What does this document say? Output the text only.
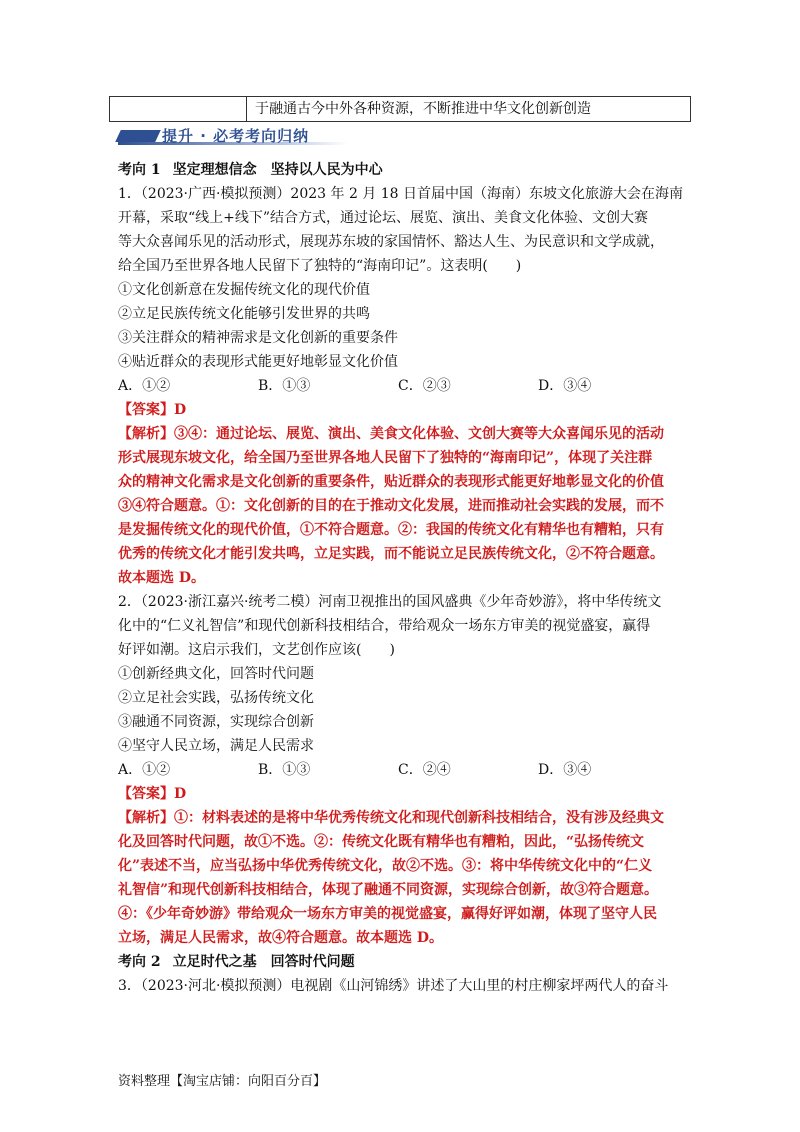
于融通古今中外各种资源，不断推进中华文化创新创造
提升 · 必考考向归纳
考向 1 坚定理想信念　坚持以人民为中心
1．（2023·广西·模拟预测）2023 年 2 月 18 日首届中国（海南）东坡文化旅游大会在海南
开幕，采取“线上+线下”结合方式，通过论坛、展览、演出、美食文化体验、文创大赛
等大众喜闻乐见的活动形式，展现苏东坡的家国情怀、豁达人生、为民意识和文学成就，
给全国乃至世界各地人民留下了独特的“海南印记”。这表明(　　)
①文化创新意在发掘传统文化的现代价值
②立足民族传统文化能够引发世界的共鸣
③关注群众的精神需求是文化创新的重要条件
④贴近群众的表现形式能更好地彰显文化价值
A．①②	B．①③	C．②③	D．③④
【答案】D
【解析】③④：通过论坛、展览、演出、美食文化体验、文创大赛等大众喜闻乐见的活动
形式展现东坡文化，给全国乃至世界各地人民留下了独特的“海南印记”，体现了关注群
众的精神文化需求是文化创新的重要条件，贴近群众的表现形式能更好地彰显文化的价值
③④符合题意。①：文化创新的目的在于推动文化发展，进而推动社会实践的发展，而不
是发掘传统文化的现代价值，①不符合题意。②：我国的传统文化有精华也有糟粕，只有
优秀的传统文化才能引发共鸣，立足实践，而不能说立足民族传统文化，②不符合题意。
故本题选 D。
2．（2023·浙江嘉兴·统考二模）河南卫视推出的国风盛典《少年奇妙游》，将中华传统文
化中的“仁义礼智信”和现代创新科技相结合，带给观众一场东方审美的视觉盛宴，赢得
好评如潮。这启示我们，文艺创作应该(　　)
①创新经典文化，回答时代问题
②立足社会实践，弘扬传统文化
③融通不同资源，实现综合创新
④坚守人民立场，满足人民需求
A．①②	B．①③	C．②④	D．③④
【答案】D
【解析】①：材料表述的是将中华优秀传统文化和现代创新科技相结合，没有涉及经典文
化及回答时代问题，故①不选。②：传统文化既有精华也有糟粕，因此，“弘扬传统文
化”表述不当，应当弘扬中华优秀传统文化，故②不选。③：将中华传统文化中的“仁义
礼智信”和现代创新科技相结合，体现了融通不同资源，实现综合创新，故③符合题意。
④：《少年奇妙游》带给观众一场东方审美的视觉盛宴，赢得好评如潮，体现了坚守人民
立场，满足人民需求，故④符合题意。故本题选 D。
考向 2 立足时代之基　回答时代问题
3．（2023·河北·模拟预测）电视剧《山河锦绣》讲述了大山里的村庄柳家坪两代人的奋斗
资料整理【淘宝店铺：向阳百分百】
